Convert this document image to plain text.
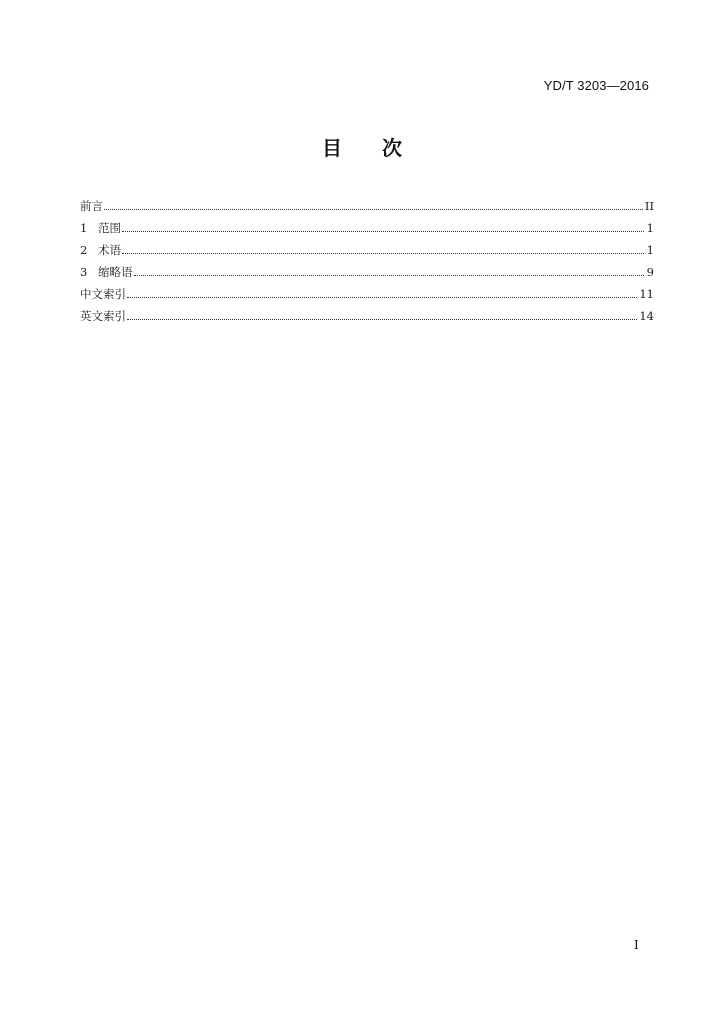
YD/T 3203—2016
目 次
前言	II
1 范围	1
2 术语	1
3 缩略语	9
中文索引	11
英文索引	14
I
